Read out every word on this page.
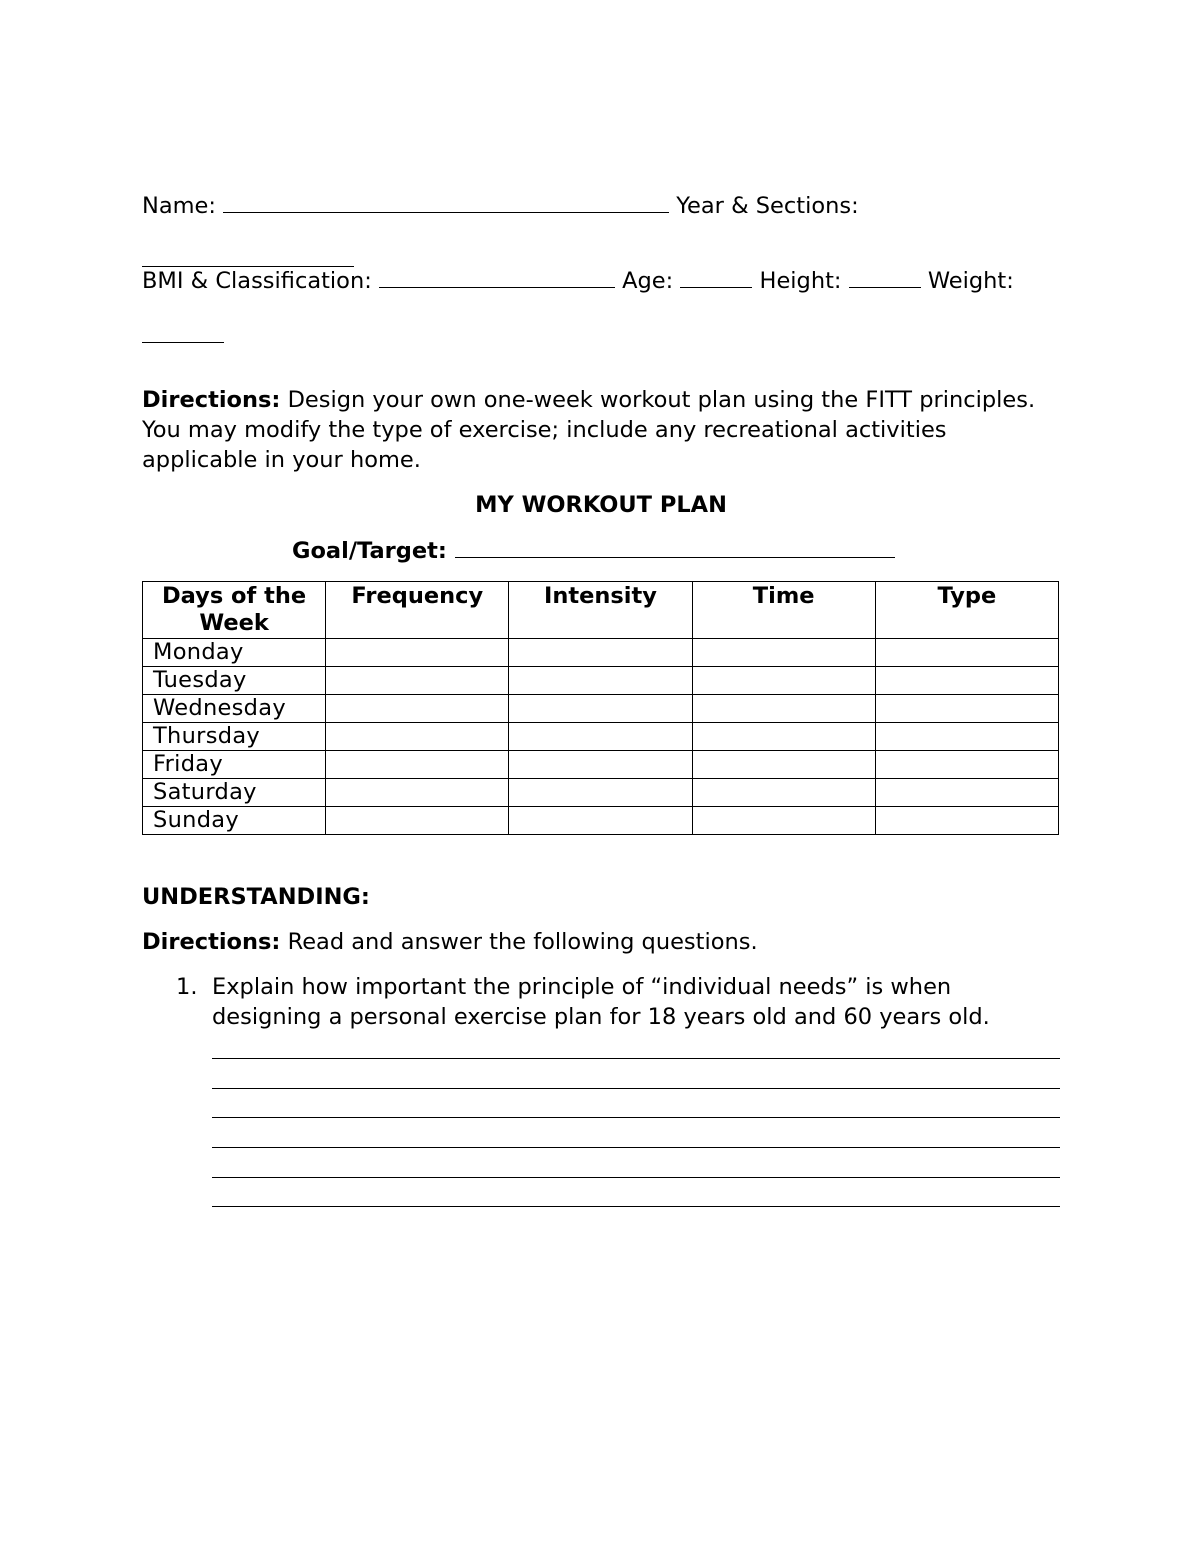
Name:	Year & Sections:
BMI & Classification:	Age:	Height:	Weight:
Directions: Design your own one-week workout plan using the FITT principles. You may modify the type of exercise; include any recreational activities applicable in your home.
MY WORKOUT PLAN
Goal/Target:
Days of the Week	Frequency	Intensity	Time	Type
Monday				
Tuesday				
Wednesday				
Thursday				
Friday				
Saturday				
Sunday				
UNDERSTANDING:
Directions: Read and answer the following questions.
1. Explain how important the principle of “individual needs” is when designing a personal exercise plan for 18 years old and 60 years old.
